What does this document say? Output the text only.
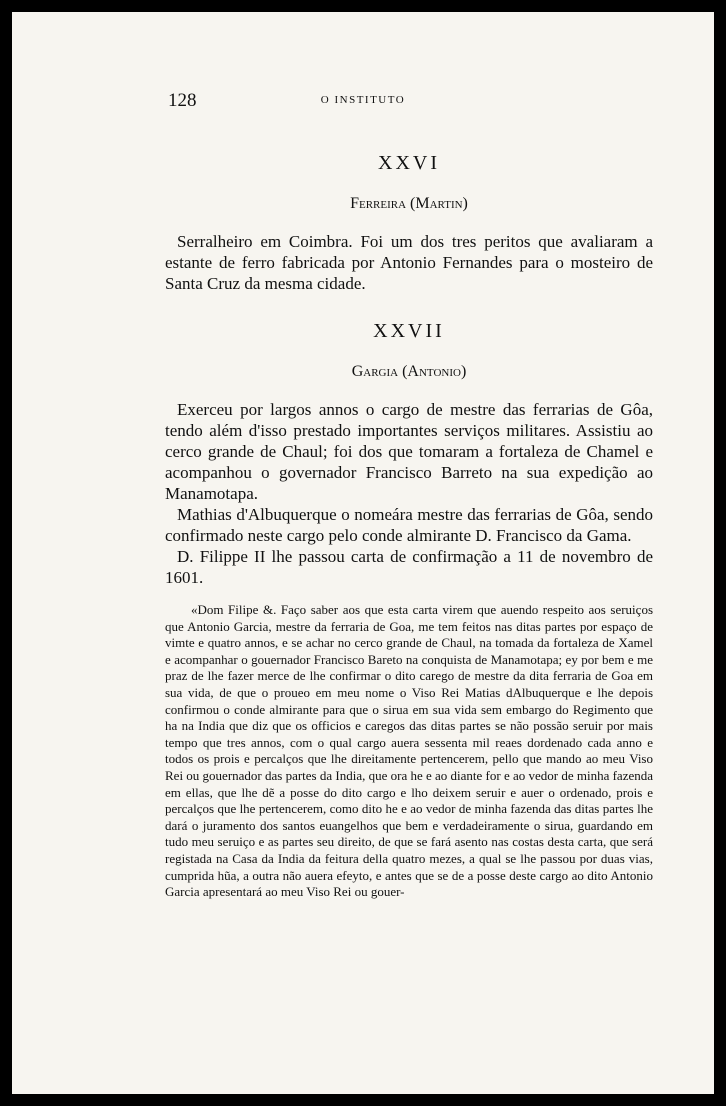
128	O INSTITUTO
XXVI
Ferreira (Martin)

Serralheiro em Coimbra. Foi um dos tres peritos que avaliaram a estante de ferro fabricada por Antonio Fernandes para o mosteiro de Santa Cruz da mesma cidade.

XXVII
Gargia (Antonio)

Exerceu por largos annos o cargo de mestre das ferrarias de Gôa, tendo além d'isso prestado importantes serviços militares. Assistiu ao cerco grande de Chaul; foi dos que tomaram a fortaleza de Chamel e acompanhou o governador Francisco Barreto na sua expedição ao Manamotapa.

Mathias d'Albuquerque o nomeára mestre das ferrarias de Gôa, sendo confirmado neste cargo pelo conde almirante D. Francisco da Gama.

D. Filippe II lhe passou carta de confirmação a 11 de novembro de 1601.

«Dom Filipe &. Faço saber aos que esta carta virem que auendo respeito aos seruiços que Antonio Garcia, mestre da ferraria de Goa, me tem feitos nas ditas partes por espaço de vimte e quatro annos, e se achar no cerco grande de Chaul, na tomada da fortaleza de Xamel e acompanhar o gouernador Francisco Bareto na conquista de Manamotapa; ey por bem e me praz de lhe fazer merce de lhe confirmar o dito carego de mestre da dita ferraria de Goa em sua vida, de que o proueo em meu nome o Viso Rei Matias dAlbuquerque e lhe depois confirmou o conde almirante para que o sirua em sua vida sem embargo do Regimento que ha na India que diz que os officios e caregos das ditas partes se não possão seruir por mais tempo que tres annos, com o qual cargo auera sessenta mil reaes dordenado cada anno e todos os prois e percalços que lhe direitamente pertencerem, pello que mando ao meu Viso Rei ou gouernador das partes da India, que ora he e ao diante for e ao vedor de minha fazenda em ellas, que lhe dẽ a posse do dito cargo e lho deixem seruir e auer o ordenado, prois e percalços que lhe pertencerem, como dito he e ao vedor de minha fazenda das ditas partes lhe dará o juramento dos santos euangelhos que bem e verdadeiramente o sirua, guardando em tudo meu seruiço e as partes seu direito, de que se fará asento nas costas desta carta, que será registada na Casa da India da feitura della quatro mezes, a qual se lhe passou por duas vias, cumprida hũa, a outra não auera efeyto, e antes que se de a posse deste cargo ao dito Antonio Garcia apresentará ao meu Viso Rei ou gouer-
